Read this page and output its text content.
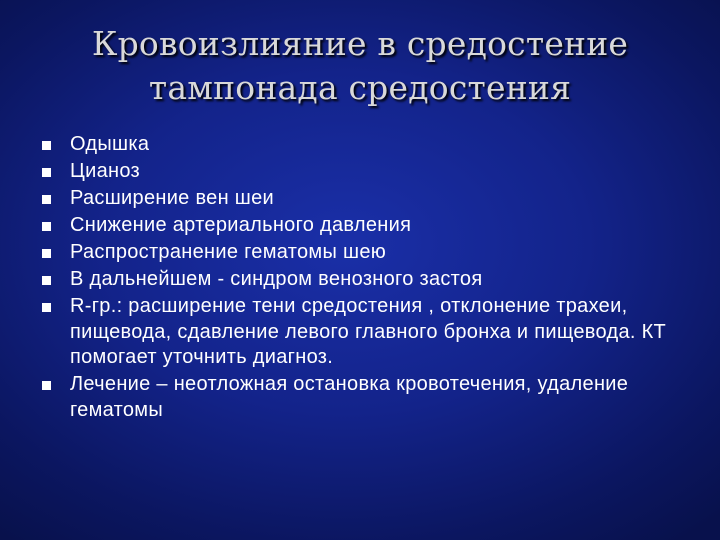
Кровоизлияние в средостение
тампонада средостения
Одышка
Цианоз
Расширение вен шеи
Снижение артериального давления
Распространение гематомы шею
В дальнейшем - синдром венозного застоя
R-гр.: расширение тени средостения , отклонение трахеи, пищевода, сдавление левого главного бронха и пищевода. КТ помогает уточнить диагноз.
Лечение – неотложная остановка кровотечения, удаление гематомы
